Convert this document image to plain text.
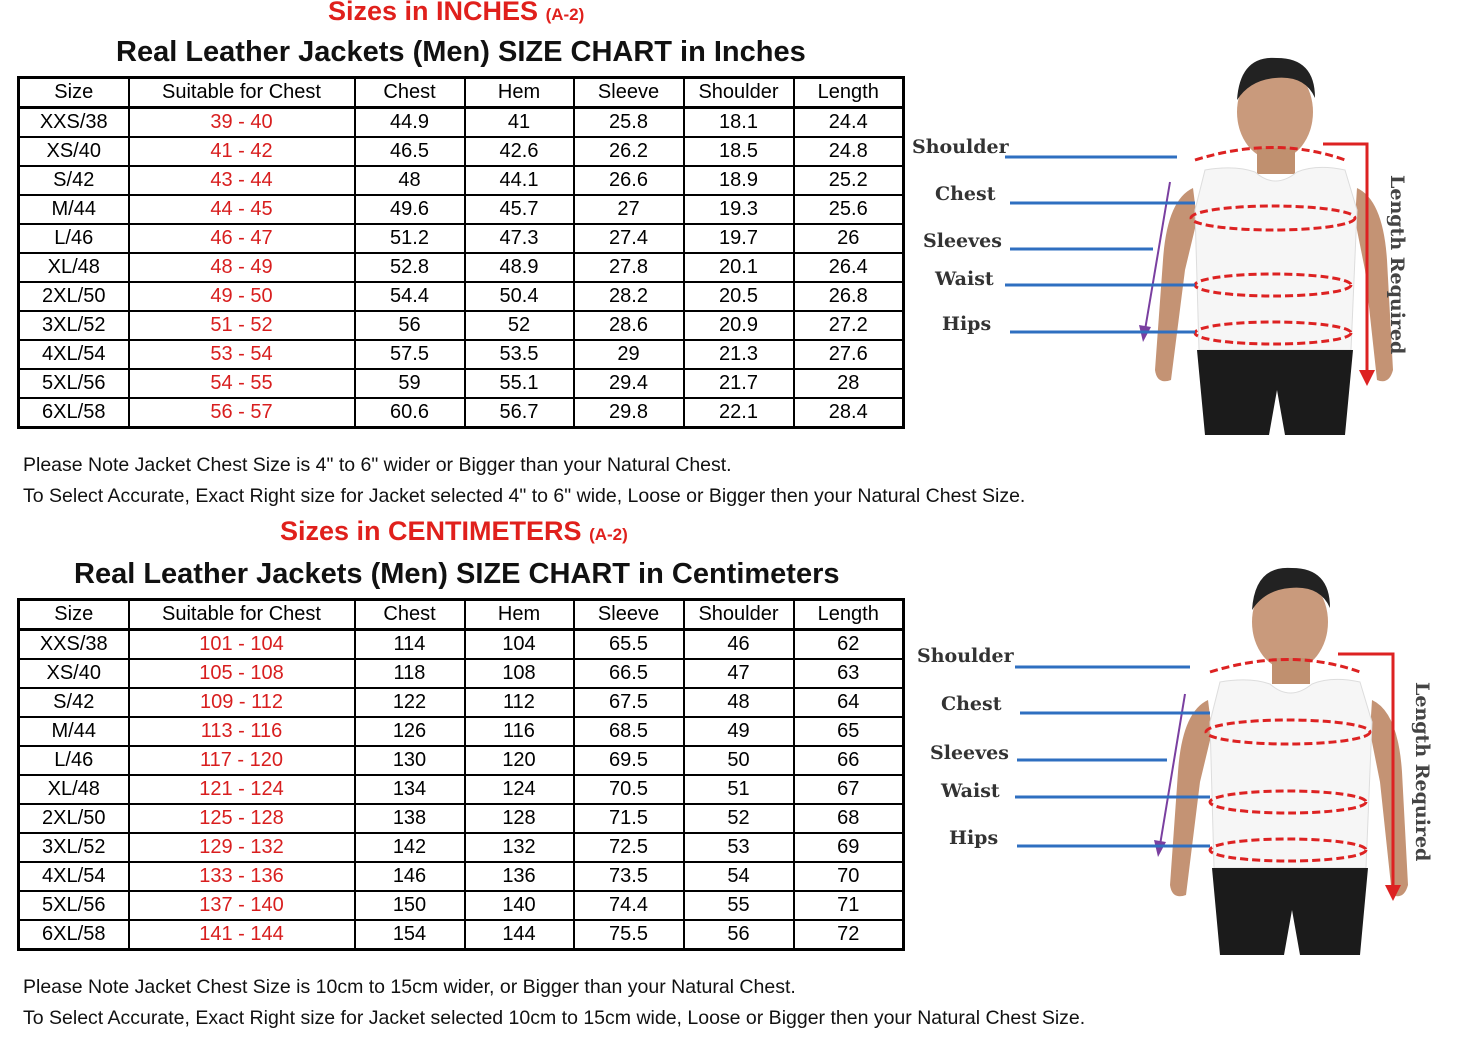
Sizes in INCHES (A-2)
Real Leather Jackets (Men) SIZE CHART in Inches
Size	Suitable for Chest	Chest	Hem	Sleeve	Shoulder	Length
XXS/38	39 - 40	44.9	41	25.8	18.1	24.4
XS/40	41 - 42	46.5	42.6	26.2	18.5	24.8
S/42	43 - 44	48	44.1	26.6	18.9	25.2
M/44	44 - 45	49.6	45.7	27	19.3	25.6
L/46	46 - 47	51.2	47.3	27.4	19.7	26
XL/48	48 - 49	52.8	48.9	27.8	20.1	26.4
2XL/50	49 - 50	54.4	50.4	28.2	20.5	26.8
3XL/52	51 - 52	56	52	28.6	20.9	27.2
4XL/54	53 - 54	57.5	53.5	29	21.3	27.6
5XL/56	54 - 55	59	55.1	29.4	21.7	28
6XL/58	56 - 57	60.6	56.7	29.8	22.1	28.4
Please Note Jacket Chest Size is 4" to 6" wider or Bigger than your Natural Chest.
To Select Accurate, Exact Right size for Jacket selected 4" to 6" wide, Loose or Bigger then your Natural Chest Size.
Shoulder
Chest
Sleeves
Waist
Hips	Length Required
Sizes in CENTIMETERS (A-2)
Real Leather Jackets (Men) SIZE CHART in Centimeters
Size	Suitable for Chest	Chest	Hem	Sleeve	Shoulder	Length
XXS/38	101 - 104	114	104	65.5	46	62
XS/40	105 - 108	118	108	66.5	47	63
S/42	109 - 112	122	112	67.5	48	64
M/44	113 - 116	126	116	68.5	49	65
L/46	117 - 120	130	120	69.5	50	66
XL/48	121 - 124	134	124	70.5	51	67
2XL/50	125 - 128	138	128	71.5	52	68
3XL/52	129 - 132	142	132	72.5	53	69
4XL/54	133 - 136	146	136	73.5	54	70
5XL/56	137 - 140	150	140	74.4	55	71
6XL/58	141 - 144	154	144	75.5	56	72
Please Note Jacket Chest Size is 10cm to 15cm wider, or Bigger than your Natural Chest.
To Select Accurate, Exact Right size for Jacket selected 10cm to 15cm wide, Loose or Bigger then your Natural Chest Size.
Shoulder
Chest
Sleeves
Waist
Hips	Length Required
